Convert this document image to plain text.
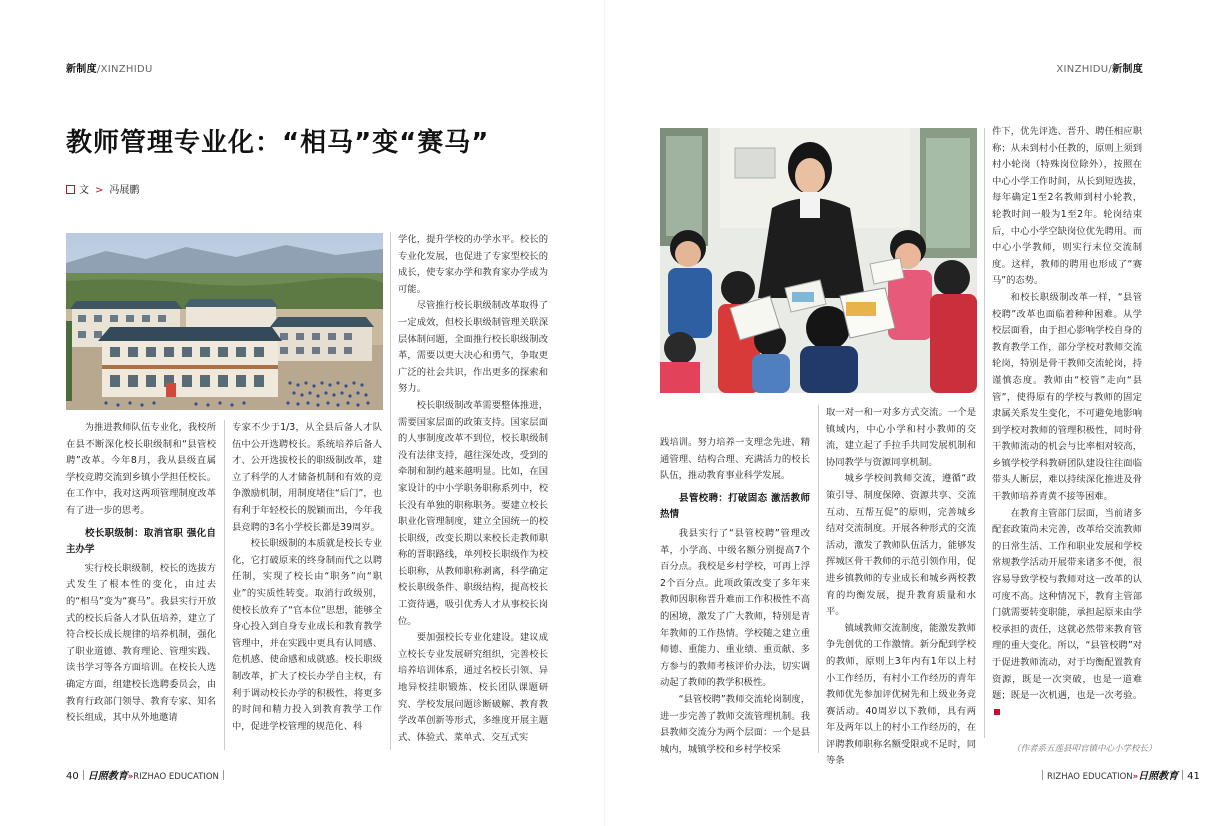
新制度/XINZHIDU
教师管理专业化：“相马”变“赛马”
文 > 冯展鹏

为推进教师队伍专业化，我校所在县不断深化校长职级制和“县管校聘”改革。今年8月，我从县级直属学校竞聘交流到乡镇小学担任校长。在工作中，我对这两项管理制度改革有了进一步的思考。

校长职级制：取消官职 强化自主办学

实行校长职级制，校长的选拔方式发生了根本性的变化，由过去的“相马”变为“赛马”。我县实行开放式的校长后备人才队伍培养，建立了符合校长成长规律的培养机制，强化了职业道德、教育理论、管理实践、读书学习等各方面培训。在校长人选确定方面，组建校长选聘委员会，由教育行政部门领导、教育专家、知名校长组成，其中从外地邀请

专家不少于1/3，从全县后备人才队伍中公开选聘校长。系统培养后备人才、公开选拔校长的职级制改革，建立了科学的人才储备机制和有效的竞争激励机制，用制度堵住“后门”，也有利于年轻校长的脱颖而出，今年我县竞聘的3名小学校长都是39周岁。

校长职级制的本质就是校长专业化，它打破原来的终身制而代之以聘任制，实现了校长由“职务”向“职业”的实质性转变。取消行政级别，使校长放弃了“官本位”思想，能够全身心投入到自身专业成长和教育教学管理中，并在实践中更具有认同感、危机感、使命感和成就感。校长职级制改革，扩大了校长办学自主权，有利于调动校长办学的积极性，将更多的时间和精力投入到教育教学工作中，促进学校管理的规范化、科

学化，提升学校的办学水平。校长的专业化发展，也促进了专家型校长的成长，使专家办学和教育家办学成为可能。

尽管推行校长职级制改革取得了一定成效，但校长职级制管理关联深层体制问题，全面推行校长职级制改革，需要以更大决心和勇气，争取更广泛的社会共识，作出更多的探索和努力。

校长职级制改革需要整体推进，需要国家层面的政策支持。国家层面的人事制度改革不到位，校长职级制没有法律支持，越往深处改，受到的牵制和制约越来越明显。比如，在国家设计的中小学职务职称系列中，校长没有单独的职称职务。要建立校长职业化管理制度，建立全国统一的校长职级，改变长期以来校长走教师职称的晋职路线，单列校长职级作为校长职称，从教师职称剥离，科学确定校长职级条件、职级结构，提高校长工资待遇，吸引优秀人才从事校长岗位。

要加强校长专业化建设。建议成立校长专业发展研究组织，完善校长培养培训体系，通过名校长引领、异地异校挂职锻炼、校长团队课题研究、学校发展问题诊断破解、教育教学改革创新等形式，多维度开展主题式、体验式、菜单式、交互式实

40 日照教育»RIZHAO EDUCATION
XINZHIDU/新制度
（作者系五莲县叩官镇中心小学校长）
RIZHAO EDUCATION»日照教育 41

践培训。努力培养一支理念先进、精通管理、结构合理、充满活力的校长队伍，推动教育事业科学发展。

县管校聘：打破固态 激活教师热情

我县实行了“县管校聘”管理改革，小学高、中级名额分别提高7个百分点。我校是乡村学校，可再上浮2个百分点。此项政策改变了多年来教师因职称晋升难而工作积极性不高的困境，激发了广大教师，特别是青年教师的工作热情。学校随之建立重师德、重能力、重业绩、重贡献、多方参与的教师考核评价办法，切实调动起了教师的教学积极性。

“县管校聘”教师交流轮岗制度，进一步完善了教师交流管理机制。我县教师交流分为两个层面：一个是县城内，城镇学校和乡村学校采

取一对一和一对多方式交流。一个是镇域内，中心小学和村小教师的交流，建立起了手拉手共同发展机制和协同教学与资源同享机制。

城乡学校间教师交流，遵循“政策引导、制度保障、资源共享、交流互动、互帮互促”的原则，完善城乡结对交流制度。开展各种形式的交流活动，激发了教师队伍活力，能够发挥城区骨干教师的示范引领作用，促进乡镇教师的专业成长和城乡两校教育的均衡发展，提升教育质量和水平。

镇域教师交流制度，能激发教师争先创优的工作激情。新分配到学校的教师，原则上3年内有1年以上村小工作经历，有村小工作经历的青年教师优先参加评优树先和上级业务竞赛活动。40周岁以下教师，具有两年及两年以上的村小工作经历的，在评聘教师职称名额受限或不足时，同等条

件下，优先评选、晋升、聘任相应职称；从未到村小任教的，原则上须到村小轮岗（特殊岗位除外），按照在中心小学工作时间，从长到短选拔，每年确定1至2名教师到村小轮教，轮教时间一般为1至2年。轮岗结束后，中心小学空缺岗位优先聘用。而中心小学教师，则实行末位交流制度。这样，教师的聘用也形成了“赛马”的态势。

和校长职级制改革一样，“县管校聘”改革也面临着种种困难。从学校层面看，由于担心影响学校自身的教育教学工作，部分学校对教师交流轮岗，特别是骨干教师交流轮岗，持谨慎态度。教师由“校管”走向“县管”，使得原有的学校与教师的固定隶属关系发生变化，不可避免地影响到学校对教师的管理积极性，同时骨干教师流动的机会与比率相对较高，乡镇学校学科教研团队建设往往面临带头人断层，难以持续深化推进及骨干教师培养青黄不接等困难。

在教育主管部门层面，当前诸多配套政策尚未完善，改革给交流教师的日常生活、工作和职业发展和学校常规教学活动开展带来诸多不便，很容易导致学校与教师对这一改革的认可度不高。这种情况下，教育主管部门就需要转变职能，承担起原来由学校承担的责任，这就必然带来教育管理的重大变化。所以，“县管校聘”对于促进教师流动，对于均衡配置教育资源，既是一次突破，也是一道难题；既是一次机遇，也是一次考验。
